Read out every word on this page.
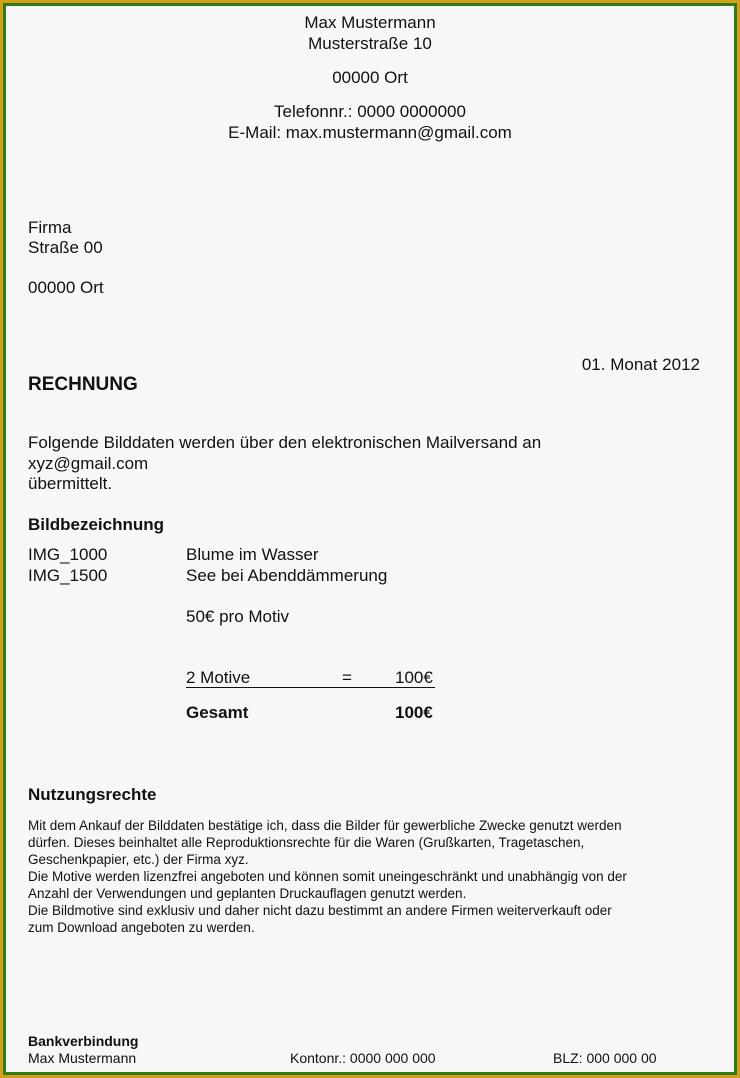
Max Mustermann
Musterstraße 10
00000 Ort
Telefonnr.: 0000 0000000
E-Mail: max.mustermann@gmail.com
Firma
Straße 00
00000 Ort
01. Monat 2012
RECHNUNG
Folgende Bilddaten werden über den elektronischen Mailversand an
xyz@gmail.com
übermittelt.
Bildbezeichnung
IMG_1000	Blume im Wasser
IMG_1500	See bei Abenddämmerung
50€ pro Motiv
2 Motive	=	100€
Gesamt	100€
Nutzungsrechte
Mit dem Ankauf der Bilddaten bestätige ich, dass die Bilder für gewerbliche Zwecke genutzt werden
dürfen. Dieses beinhaltet alle Reproduktionsrechte für die Waren (Grußkarten, Tragetaschen,
Geschenkpapier, etc.) der Firma xyz.
Die Motive werden lizenzfrei angeboten und können somit uneingeschränkt und unabhängig von der
Anzahl der Verwendungen und geplanten Druckauflagen genutzt werden.
Die Bildmotive sind exklusiv und daher nicht dazu bestimmt an andere Firmen weiterverkauft oder
zum Download angeboten zu werden.
Bankverbindung
Max Mustermann	Kontonr.: 0000 000 000	BLZ: 000 000 00
